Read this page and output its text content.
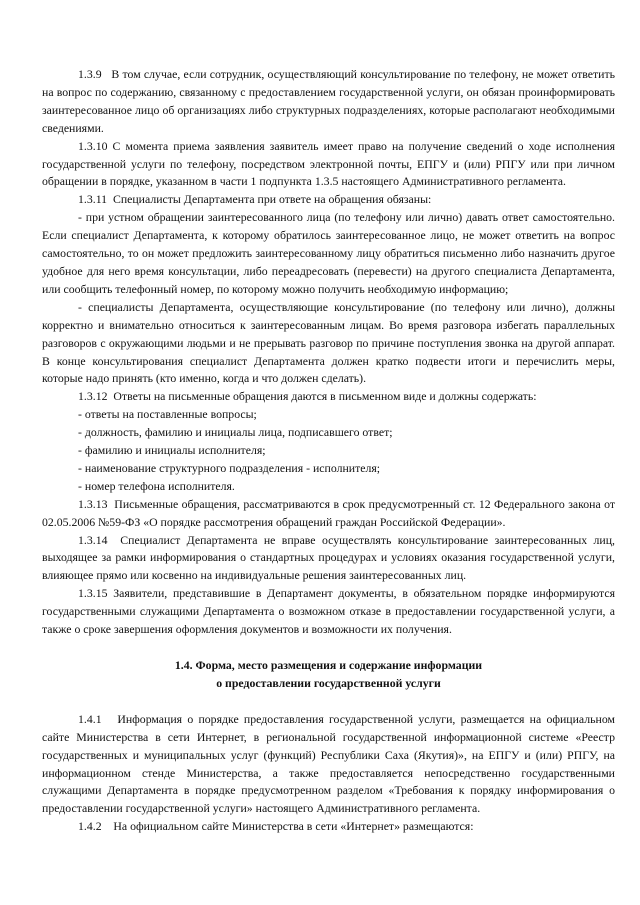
1.3.9   В том случае, если сотрудник, осуществляющий консультирование по телефону, не может ответить на вопрос по содержанию, связанному с предоставлением государственной услуги, он обязан проинформировать заинтересованное лицо об организациях либо структурных подразделениях, которые располагают необходимыми сведениями.

1.3.10 С момента приема заявления заявитель имеет право на получение сведений о ходе исполнения государственной услуги по телефону, посредством электронной почты, ЕПГУ и (или) РПГУ или при личном обращении в порядке, указанном в части 1 подпункта 1.3.5 настоящего Административного регламента.

1.3.11  Специалисты Департамента при ответе на обращения обязаны:

- при устном обращении заинтересованного лица (по телефону или лично) давать ответ самостоятельно. Если специалист Департамента, к которому обратилось заинтересованное лицо, не может ответить на вопрос самостоятельно, то он может предложить заинтересованному лицу обратиться письменно либо назначить другое удобное для него время консультации, либо переадресовать (перевести) на другого специалиста Департамента, или сообщить телефонный номер, по которому можно получить необходимую информацию;

- специалисты Департамента, осуществляющие консультирование (по телефону или лично), должны корректно и внимательно относиться к заинтересованным лицам. Во время разговора избегать параллельных разговоров с окружающими людьми и не прерывать разговор по причине поступления звонка на другой аппарат. В конце консультирования специалист Департамента должен кратко подвести итоги и перечислить меры, которые надо принять (кто именно, когда и что должен сделать).

1.3.12  Ответы на письменные обращения даются в письменном виде и должны содержать:

- ответы на поставленные вопросы;

- должность, фамилию и инициалы лица, подписавшего ответ;

- фамилию и инициалы исполнителя;

- наименование структурного подразделения - исполнителя;

- номер телефона исполнителя.

1.3.13  Письменные обращения, рассматриваются в срок предусмотренный ст. 12 Федерального закона от 02.05.2006 №59-ФЗ «О порядке рассмотрения обращений граждан Российской Федерации».

1.3.14  Специалист Департамента не вправе осуществлять консультирование заинтересованных лиц, выходящее за рамки информирования о стандартных процедурах и условиях оказания государственной услуги, влияющее прямо или косвенно на индивидуальные решения заинтересованных лиц.

1.3.15 Заявители, представившие в Департамент документы, в обязательном порядке информируются государственными служащими Департамента о возможном отказе в предоставлении государственной услуги, а также о сроке завершения оформления документов и возможности их получения.

1.4. Форма, место размещения и содержание информации

о предоставлении государственной услуги

1.4.1   Информация о порядке предоставления государственной услуги, размещается на официальном сайте Министерства в сети Интернет, в региональной государственной информационной системе «Реестр государственных и муниципальных услуг (функций) Республики Саха (Якутия)», на ЕПГУ и (или) РПГУ, на информационном стенде Министерства, а также предоставляется непосредственно государственными служащими Департамента в порядке предусмотренном разделом «Требования к порядку информирования о предоставлении государственной услуги» настоящего Административного регламента.

1.4.2    На официальном сайте Министерства в сети «Интернет» размещаются:
